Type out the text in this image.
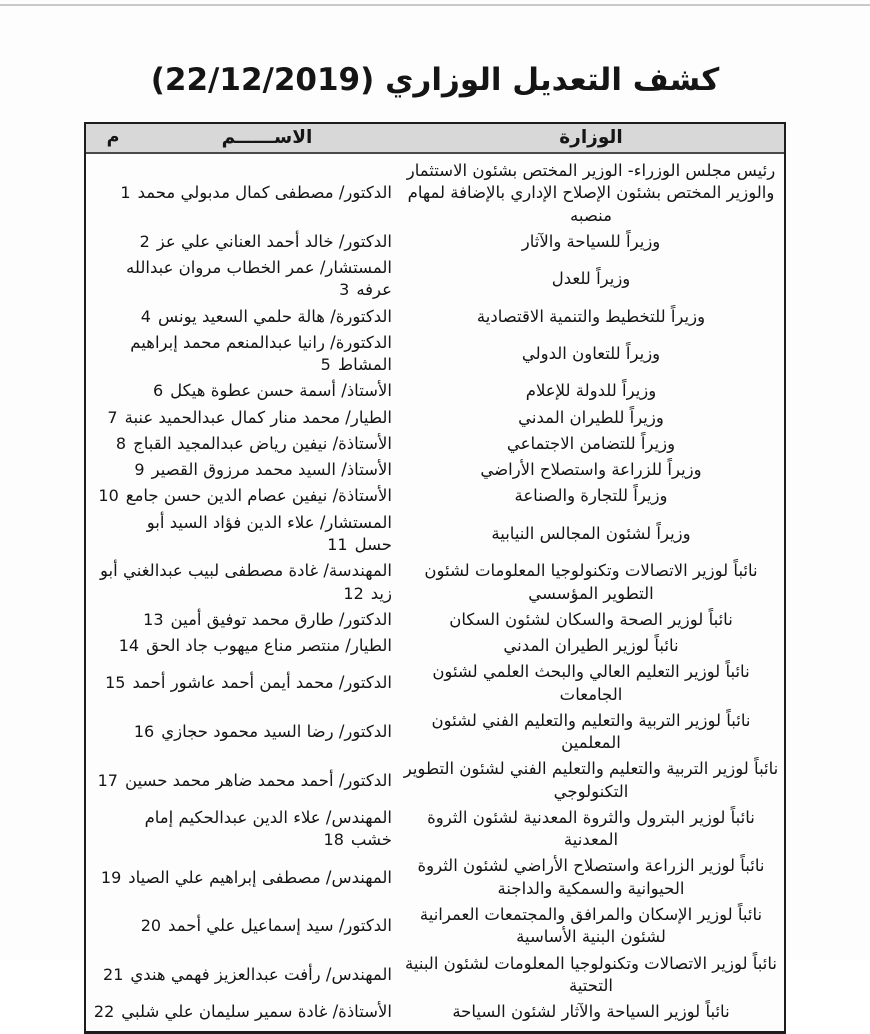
كشف التعديل الوزاري (22/12/2019)
الوزارة
الاســــــم
م
رئيس مجلس الوزراء- الوزير المختص بشئون الاستثمار والوزير المختص بشئون الإصلاح الإداري بالإضافة لمهام منصبه
الدكتور/ مصطفى كمال مدبولي محمد1
وزيراً للسياحة والآثار
الدكتور/ خالد أحمد العناني علي عز2
وزيراً للعدل
المستشار/ عمر الخطاب مروان عبدالله عرفه3
وزيراً للتخطيط والتنمية الاقتصادية
الدكتورة/ هالة حلمي السعيد يونس4
وزيراً للتعاون الدولي
الدكتورة/ رانيا عبدالمنعم محمد إبراهيم المشاط5
وزيراً للدولة للإعلام
الأستاذ/ أسمة حسن عطوة هيكل6
وزيراً للطيران المدني
الطيار/ محمد منار كمال عبدالحميد عنبة7
وزيراً للتضامن الاجتماعي
الأستاذة/ نيفين رياض عبدالمجيد القباج8
وزيراً للزراعة واستصلاح الأراضي
الأستاذ/ السيد محمد مرزوق القصير9
وزيراً للتجارة والصناعة
الأستاذة/ نيفين عصام الدين حسن جامع10
وزيراً لشئون المجالس النيابية
المستشار/ علاء الدين فؤاد السيد أبو حسل11
نائباً لوزير الاتصالات وتكنولوجيا المعلومات لشئون التطوير المؤسسي
المهندسة/ غادة مصطفى لبيب عبدالغني أبو زيد12
نائباً لوزير الصحة والسكان لشئون السكان
الدكتور/ طارق محمد توفيق أمين13
نائباً لوزير الطيران المدني
الطيار/ منتصر مناع ميهوب جاد الحق14
نائباً لوزير التعليم العالي والبحث العلمي لشئون الجامعات
الدكتور/ محمد أيمن أحمد عاشور أحمد15
نائباً لوزير التربية والتعليم والتعليم الفني لشئون المعلمين
الدكتور/ رضا السيد محمود حجازي16
نائباً لوزير التربية والتعليم والتعليم الفني لشئون التطوير التكنولوجي
الدكتور/ أحمد محمد ضاهر محمد حسين17
نائباً لوزير البترول والثروة المعدنية لشئون الثروة المعدنية
المهندس/ علاء الدين عبدالحكيم إمام خشب18
نائباً لوزير الزراعة واستصلاح الأراضي لشئون الثروة الحيوانية والسمكية والداجنة
المهندس/ مصطفى إبراهيم علي الصياد19
نائباً لوزير الإسكان والمرافق والمجتمعات العمرانية لشئون البنية الأساسية
الدكتور/ سيد إسماعيل علي أحمد20
نائباً لوزير الاتصالات وتكنولوجيا المعلومات لشئون البنية التحتية
المهندس/ رأفت عبدالعزيز فهمي هندي21
نائباً لوزير السياحة والآثار لشئون السياحة
الأستاذة/ غادة سمير سليمان علي شلبي22
